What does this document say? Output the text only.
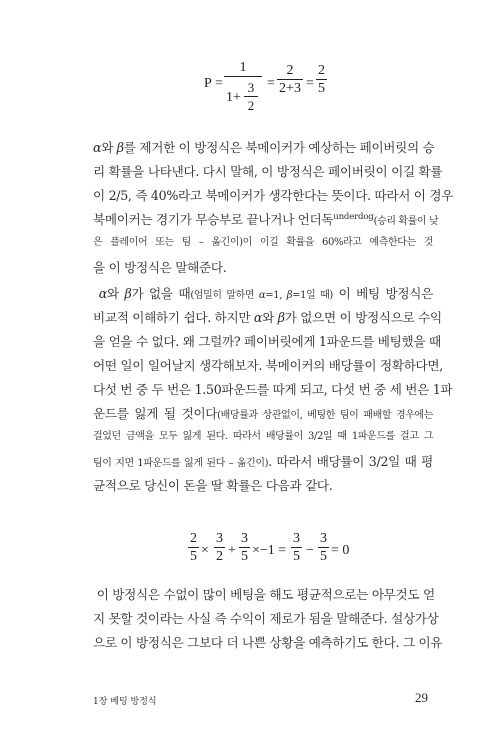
P =
1
1+
3
2
=
2
2+3 =
2
5
α와 β를 제거한 이 방정식은 북메이커가 예상하는 페이버릿의 승
리 확률을 나타낸다. 다시 말해, 이 방정식은 페이버릿이 이길 확률
이 2/5, 즉 40%라고 북메이커가 생각한다는 뜻이다. 따라서 이 경우
북메이커는 경기가 무승부로 끝나거나 언더독$^{underdog}$(승리 확률이 낮
은 플레이어 또는 팀 – 옮긴이)이 이길 확률을 60%라고 예측한다는 것
을 이 방정식은 말해준다.
α와 β가 없을 때(엄밀히 말하면 α=1, β=1일 때) 이 베팅 방정식은
비교적 이해하기 쉽다. 하지만 α와 β가 없으면 이 방정식으로 수익
을 얻을 수 없다. 왜 그럴까? 페이버릿에게 1파운드를 베팅했을 때
어떤 일이 일어날지 생각해보자. 북메이커의 배당률이 정확하다면,
다섯 번 중 두 번은 1.50파운드를 따게 되고, 다섯 번 중 세 번은 1파
운드를 잃게 될 것이다(배당률과 상관없이, 베팅한 팀이 패배할 경우에는
걸었던 금액을 모두 잃게 된다. 따라서 배당률이 3/2일 때 1파운드를 걸고 그
팀이 지면 1파운드를 잃게 된다 – 옮긴이). 따라서 배당률이 3/2일 때 평
균적으로 당신이 돈을 딸 확률은 다음과 같다.
2
5 ×
3
2 +
3
5 ×−1 =
3
5 −
3
5 = 0
이 방정식은 수없이 많이 베팅을 해도 평균적으로는 아무것도 얻
지 못할 것이라는 사실 즉 수익이 제로가 됨을 말해준다. 설상가상
으로 이 방정식은 그보다 더 나쁜 상황을 예측하기도 한다. 그 이유
1장 베팅 방정식	29
